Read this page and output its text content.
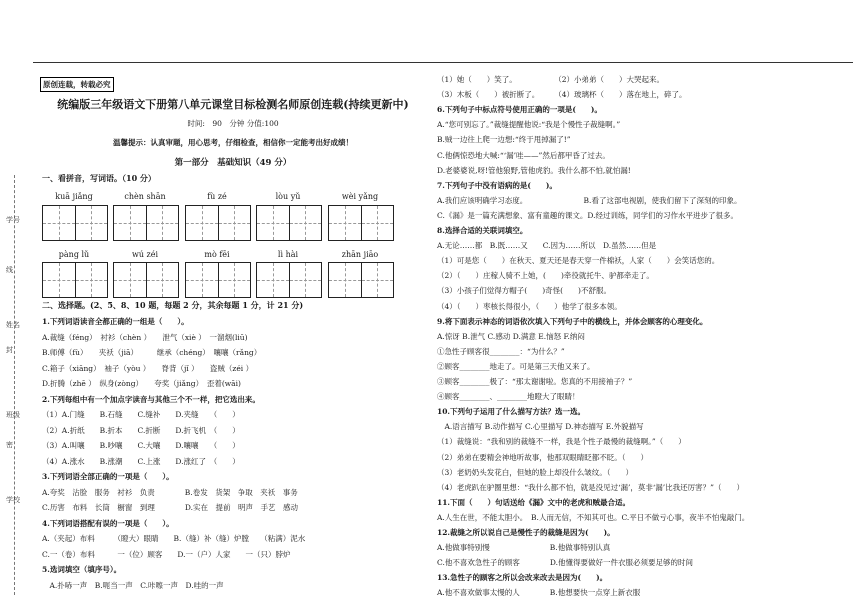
学号
线
姓名
封
班级
密
学校
原创连载，转载必究
统编版三年级语文下册第八单元课堂目标检测名师原创连载(持续更新中)
时间:　90　分钟 分值:100
温馨提示：认真审题，用心思考，仔细检查，相信你一定能考出好成绩！
第一部分　基础知识（49 分）
一、看拼音，写词语。（10 分）
kuā jiǎng	chèn shān	fù zé	lòu yǔ	wèi yǎng
pàng lǔ	wú zéi	mò fēi	lì hài	zhān jiāo
二、选择题。(2、5、8、10 题，每题 2 分，其余每题 1 分，计 21 分)
1.下列词语读音全都正确的一组是（　　）。
A.裁缝（féng）　衬衫（chèn ）　　泄气（xiè ）　一溜烟(liū)
B.师傅（fù）　　夹袄（jiā）　　　继承（chéng）　嚷嚷（rǎng）
C.箱子（xiāng）　袖子（yòu ）　　脊背（jǐ ）　　盗贼（zéi ）
D.折腾（zhē ）　纵身(zòng）　　夸奖（jiǎng）　歪着(wāi)
2.下列每组中有一个加点字读音与其他三个不一样，把它选出来。
（1）A.门缝　　B.石缝　　C.缝补　　D.夹缝　　（　　）
（2）A.折纸　　B.折本　　C.折断　　D.折飞机　（　　）
（3）A.叫嚷　　B.吵嚷　　C.大嚷　　D.嚷嚷　　（　　）
（4）A.涨水　　B.涨潮　　C.上涨　　D.涨红了　（　　）
3.下列词语全部正确的一项是（　　）。
A.夸奖　沾脸　服务　衬衫　负责　　　　B.卷发　货架　争取　夹袄　事务
C.历害　布料　长筒　橱窗　到理　　　　D.实在　提前　明声　手艺　感动
4.下列词语搭配有误的一项是（　　）。
A.（夹起）布料　　　（瞪大）眼睛　　B.（缝）补（缝）炉膛　　（粘满）泥水
C.一（卷）布料　　　一（位）顾客　　D.一（户）人家　　一（只）脖炉
5.选词填空（填序号）。
　A.扑哧一声　B.呃当一声　C.咔嚓一声　D.哇的一声
（1）她（　　）笑了。　　　　　　（2）小弟弟（　　）大哭起来。
（3）木板（　　）被折断了。　　　（4）玻璃杯（　　）落在地上，碎了。
6.下列句子中标点符号使用正确的一项是(　　)。
A.“您可别忘了。”裁缝提醒他说:“我是个慢性子裁缝啊。”
B.贼一边往上爬一边想:“终于甩掉漏了!”
C.他俩惊恐地大喊:“‘漏’哇——”然后都甲昏了过去。
D.老婆婆说,呀!管他狼野,管他虎豹。我什么都不怕,就怕漏!
7.下列句子中没有语病的是(　　)。
A.我们应该明确学习态度。　　　　　　　　B.看了这部电视剧，使我们留下了深刻的印象。
C.《漏》是一篇充满想象、富有童趣的课文。D.经过训练，同学们的习作水平进步了很多。
8.选择合适的关联词填空。
A.无论……都　B.既……又　　C.因为……所以　D.虽然……但是
（1）可是您（　　）在秋天、夏天还是春天穿一件棉袄，人家（　　）会笑话您的。
（2）（　　）庄稼人骑不上她，(　　)牵役就托牛、驴都牵走了。
（3）小孩子们觉得方帽子(　　)奇怪(　　)不舒服。
（4）（　　）枣核长得很小，（　　）他学了很多本领。
9.将下面表示神态的词语依次填入下列句子中的横线上，并体会顾客的心理变化。
A.惊讶 B.泄气 C.感动 D.满意 E.恼怒 F.纳闷
①急性子顾客很________：“为什么？”
②顾客________地走了。可是第三天他又来了。
③顾客________极了：“那太谢谢啦。您真的不用接袖子？”
④顾客________、________地瞪大了眼睛！
10.下列句子运用了什么描写方法？选一选。
　A.语言描写 B.动作描写 C.心里描写 D.神态描写 E.外貌描写
（1）裁缝说：“我和别的裁缝不一样，我是个性子最慢的裁缝啊。”（　　）
（2）弟弟在要精会神地听故事，他那双眼睛眨都不眨。（　　）
（3）老奶奶头发花白，但她的脸上却没什么皱纹。（　　）
（4）老虎趴在驴圈里想：“我什么都不怕，就是没见过‘漏’，莫非‘漏’比我还厉害？”（　　）
11.下面（　　）句话送给《漏》文中的老虎和贼最合适。
A.人生在世，不能太胆小。　B.人而无信，不知其可也。C.平日不做亏心事，夜半不怕鬼敲门。
12.裁缝之所以说自己是慢性子的裁缝是因为(　　)。
A.他做事特别慢　　　　　　　　B.他做事特别认真
C.他不喜欢急性子的顾客　　　　D.他懂得要做好一件衣服必须要足够的时间
13.急性子的顾客之所以会改来改去是因为(　　)。
A.他不喜欢做事太慢的人　　　　B.他想要快一点穿上新衣服
